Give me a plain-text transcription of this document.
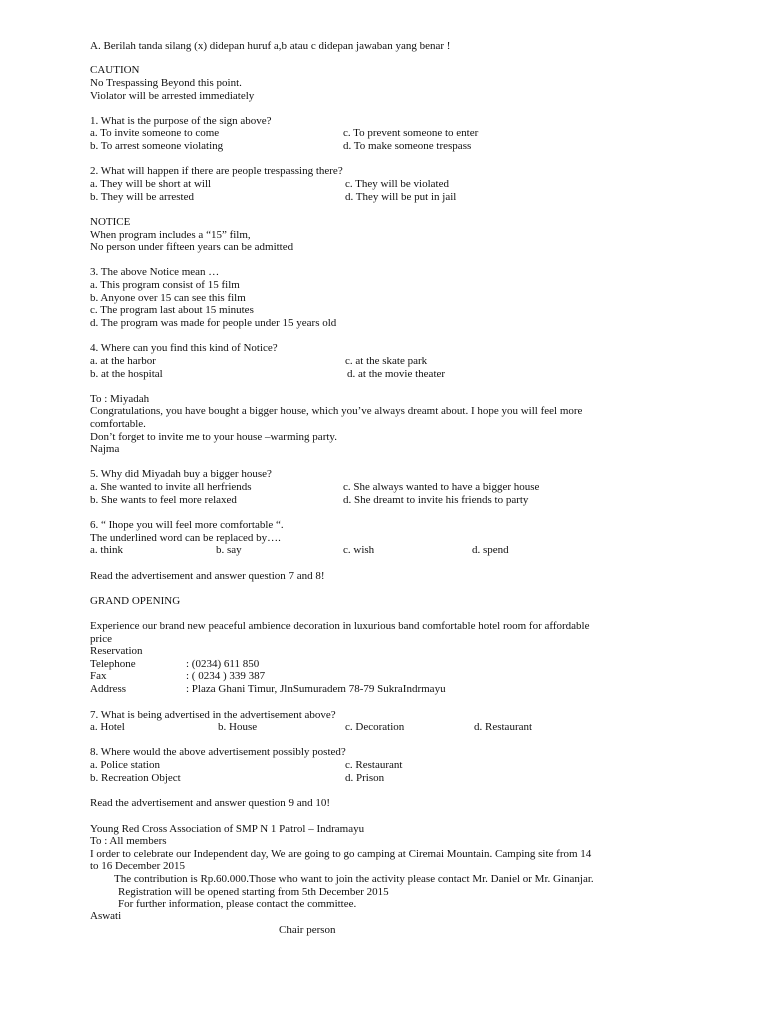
A. Berilah tanda silang (x) didepan huruf a,b atau c didepan jawaban yang benar !
CAUTION
No Trespassing Beyond this point.
Violator will be arrested immediately
1. What is the purpose of the sign above?
a. To invite someone to come	c. To prevent someone to enter
b. To arrest someone violating	d. To make someone trespass
2. What will happen if there are people trespassing there?
a. They will be short at will	c. They will be violated
b. They will be arrested	d. They will be put in jail
NOTICE
When program includes a “15” film,
No person under fifteen years can be admitted
3. The above Notice mean …
a. This program consist of 15 film
b. Anyone over 15 can see this film
c. The program last about 15 minutes
d. The program was made for people under 15 years old
4. Where can you find this kind of Notice?
a. at the harbor	c. at the skate park
b. at the hospital	d. at the movie theater
To : Miyadah
Congratulations, you have bought a bigger house, which you’ve always dreamt about. I hope you will feel more
comfortable.
Don’t forget to invite me to your house –warming party.
Najma
5. Why did Miyadah buy a bigger house?
a. She wanted to invite all herfriends	c. She always wanted to have a bigger house
b. She wants to feel more relaxed	d. She dreamt to invite his friends to party
6. “ Ihope you will feel more comfortable “.
The underlined word can be replaced by….
a. think	b. say	c. wish	d. spend
Read the advertisement and answer question 7 and 8!
GRAND OPENING
Experience our brand new peaceful ambience decoration in luxurious band comfortable hotel room for affordable
price
Reservation
Telephone	: (0234) 611 850
Fax	: ( 0234 ) 339 387
Address	: Plaza Ghani Timur, JlnSumuradem 78-79 SukraIndrmayu
7. What is being advertised in the advertisement above?
a. Hotel	b. House	c. Decoration	d. Restaurant
8. Where would the above advertisement possibly posted?
a. Police station	c. Restaurant
b. Recreation Object	d. Prison
Read the advertisement and answer question 9 and 10!
Young Red Cross Association of SMP N 1 Patrol – Indramayu
To : All members
I order to celebrate our Independent day, We are going to go camping at Ciremai Mountain. Camping site from 14
to 16 December 2015
The contribution is Rp.60.000.Those who want to join the activity please contact Mr. Daniel or Mr. Ginanjar.
Registration will be opened starting from 5th December 2015
For further information, please contact the committee.
Aswati
Chair person
